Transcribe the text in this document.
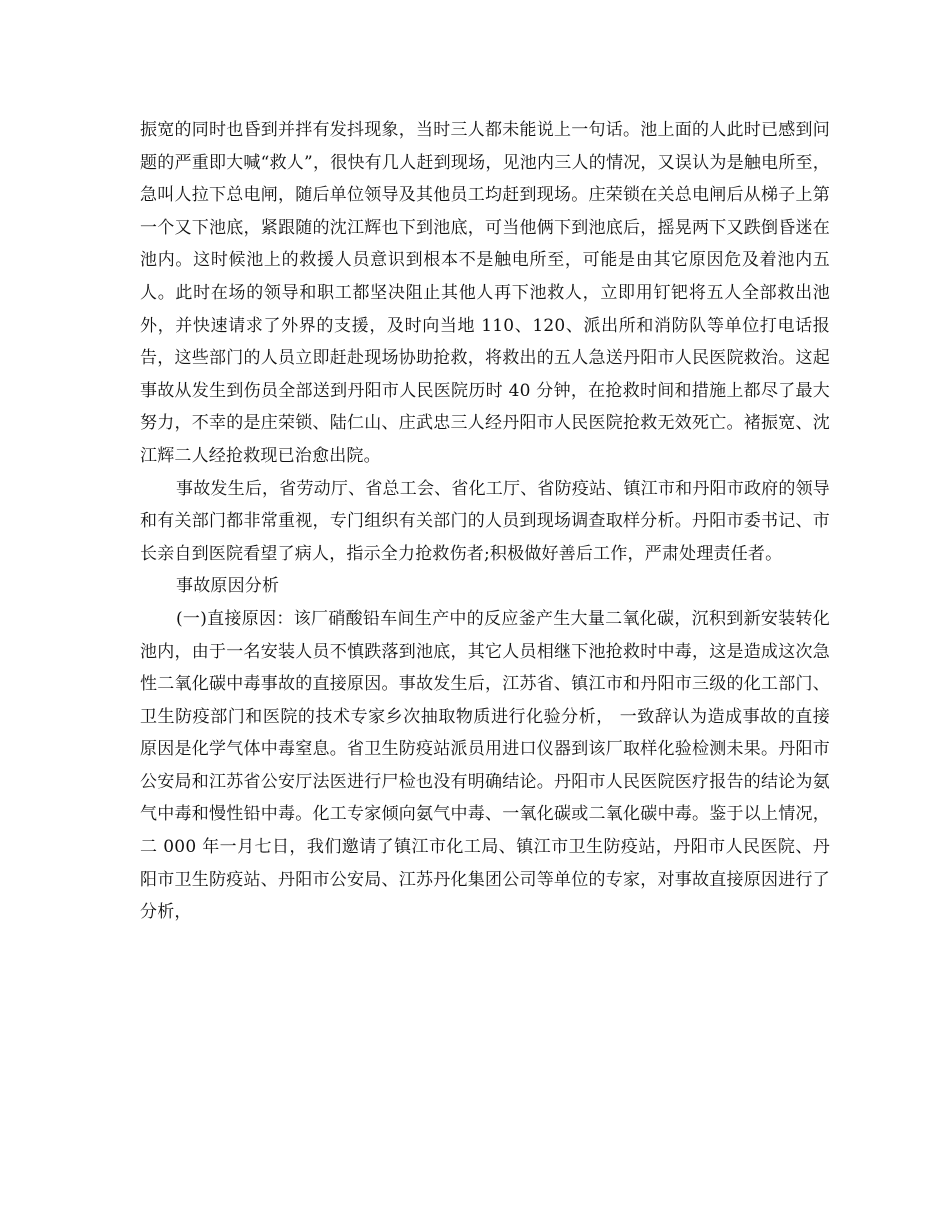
振宽的同时也昏到并拌有发抖现象，当时三人都未能说上一句话。池上面的人此时已感到问题的严重即大喊“救人”，很快有几人赶到现场，见池内三人的情况，又误认为是触电所至，急叫人拉下总电闸，随后单位领导及其他员工均赶到现场。庄荣锁在关总电闸后从梯子上第一个又下池底，紧跟随的沈江辉也下到池底，可当他俩下到池底后，摇晃两下又跌倒昏迷在池内。这时候池上的救援人员意识到根本不是触电所至，可能是由其它原因危及着池内五人。此时在场的领导和职工都坚决阻止其他人再下池救人，立即用钉钯将五人全部救出池外，并快速请求了外界的支援，及时向当地 110、120、派出所和消防队等单位打电话报告，这些部门的人员立即赶赴现场协助抢救，将救出的五人急送丹阳市人民医院救治。这起事故从发生到伤员全部送到丹阳市人民医院历时 40 分钟，在抢救时间和措施上都尽了最大努力，不幸的是庄荣锁、陆仁山、庄武忠三人经丹阳市人民医院抢救无效死亡。褚振宽、沈江辉二人经抢救现已治愈出院。

事故发生后，省劳动厅、省总工会、省化工厅、省防疫站、镇江市和丹阳市政府的领导和有关部门都非常重视，专门组织有关部门的人员到现场调查取样分析。丹阳市委书记、市长亲自到医院看望了病人，指示全力抢救伤者;积极做好善后工作，严肃处理责任者。

事故原因分析

(一)直接原因：该厂硝酸铅车间生产中的反应釜产生大量二氧化碳，沉积到新安装转化池内，由于一名安装人员不慎跌落到池底，其它人员相继下池抢救时中毒，这是造成这次急性二氧化碳中毒事故的直接原因。事故发生后，江苏省、镇江市和丹阳市三级的化工部门、卫生防疫部门和医院的技术专家乡次抽取物质进行化验分析， 一致辞认为造成事故的直接原因是化学气体中毒窒息。省卫生防疫站派员用进口仪器到该厂取样化验检测未果。丹阳市公安局和江苏省公安厅法医进行尸检也没有明确结论。丹阳市人民医院医疗报告的结论为氨气中毒和慢性铅中毒。化工专家倾向氨气中毒、一氧化碳或二氧化碳中毒。鉴于以上情况，二 000 年一月七日，我们邀请了镇江市化工局、镇江市卫生防疫站，丹阳市人民医院、丹阳市卫生防疫站、丹阳市公安局、江苏丹化集团公司等单位的专家，对事故直接原因进行了分析，
